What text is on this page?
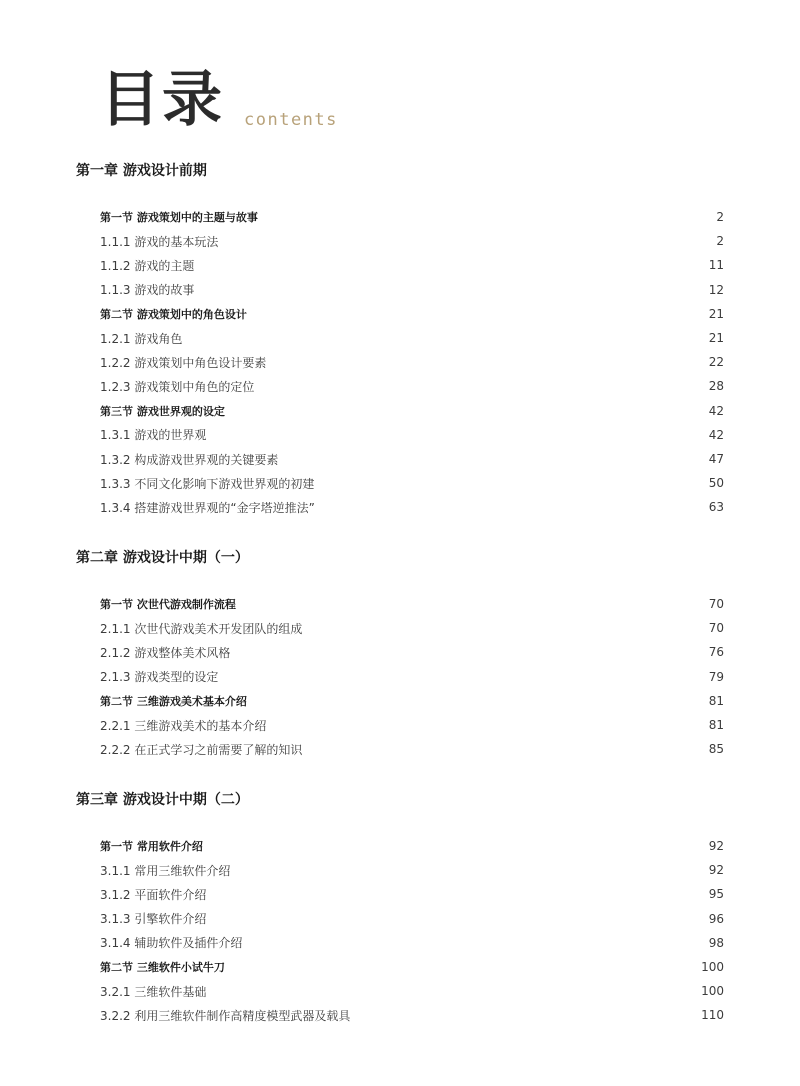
目录 contents
第一章 游戏设计前期
第一节 游戏策划中的主题与故事	2
1.1.1 游戏的基本玩法	2
1.1.2 游戏的主题	11
1.1.3 游戏的故事	12
第二节 游戏策划中的角色设计	21
1.2.1 游戏角色	21
1.2.2 游戏策划中角色设计要素	22
1.2.3 游戏策划中角色的定位	28
第三节 游戏世界观的设定	42
1.3.1 游戏的世界观	42
1.3.2 构成游戏世界观的关键要素	47
1.3.3 不同文化影响下游戏世界观的初建	50
1.3.4 搭建游戏世界观的“金字塔逆推法”	63
第二章 游戏设计中期（一）
第一节 次世代游戏制作流程	70
2.1.1 次世代游戏美术开发团队的组成	70
2.1.2 游戏整体美术风格	76
2.1.3 游戏类型的设定	79
第二节 三维游戏美术基本介绍	81
2.2.1 三维游戏美术的基本介绍	81
2.2.2 在正式学习之前需要了解的知识	85
第三章 游戏设计中期（二）
第一节 常用软件介绍	92
3.1.1 常用三维软件介绍	92
3.1.2 平面软件介绍	95
3.1.3 引擎软件介绍	96
3.1.4 辅助软件及插件介绍	98
第二节 三维软件小试牛刀	100
3.2.1 三维软件基础	100
3.2.2 利用三维软件制作高精度模型武器及载具	110
